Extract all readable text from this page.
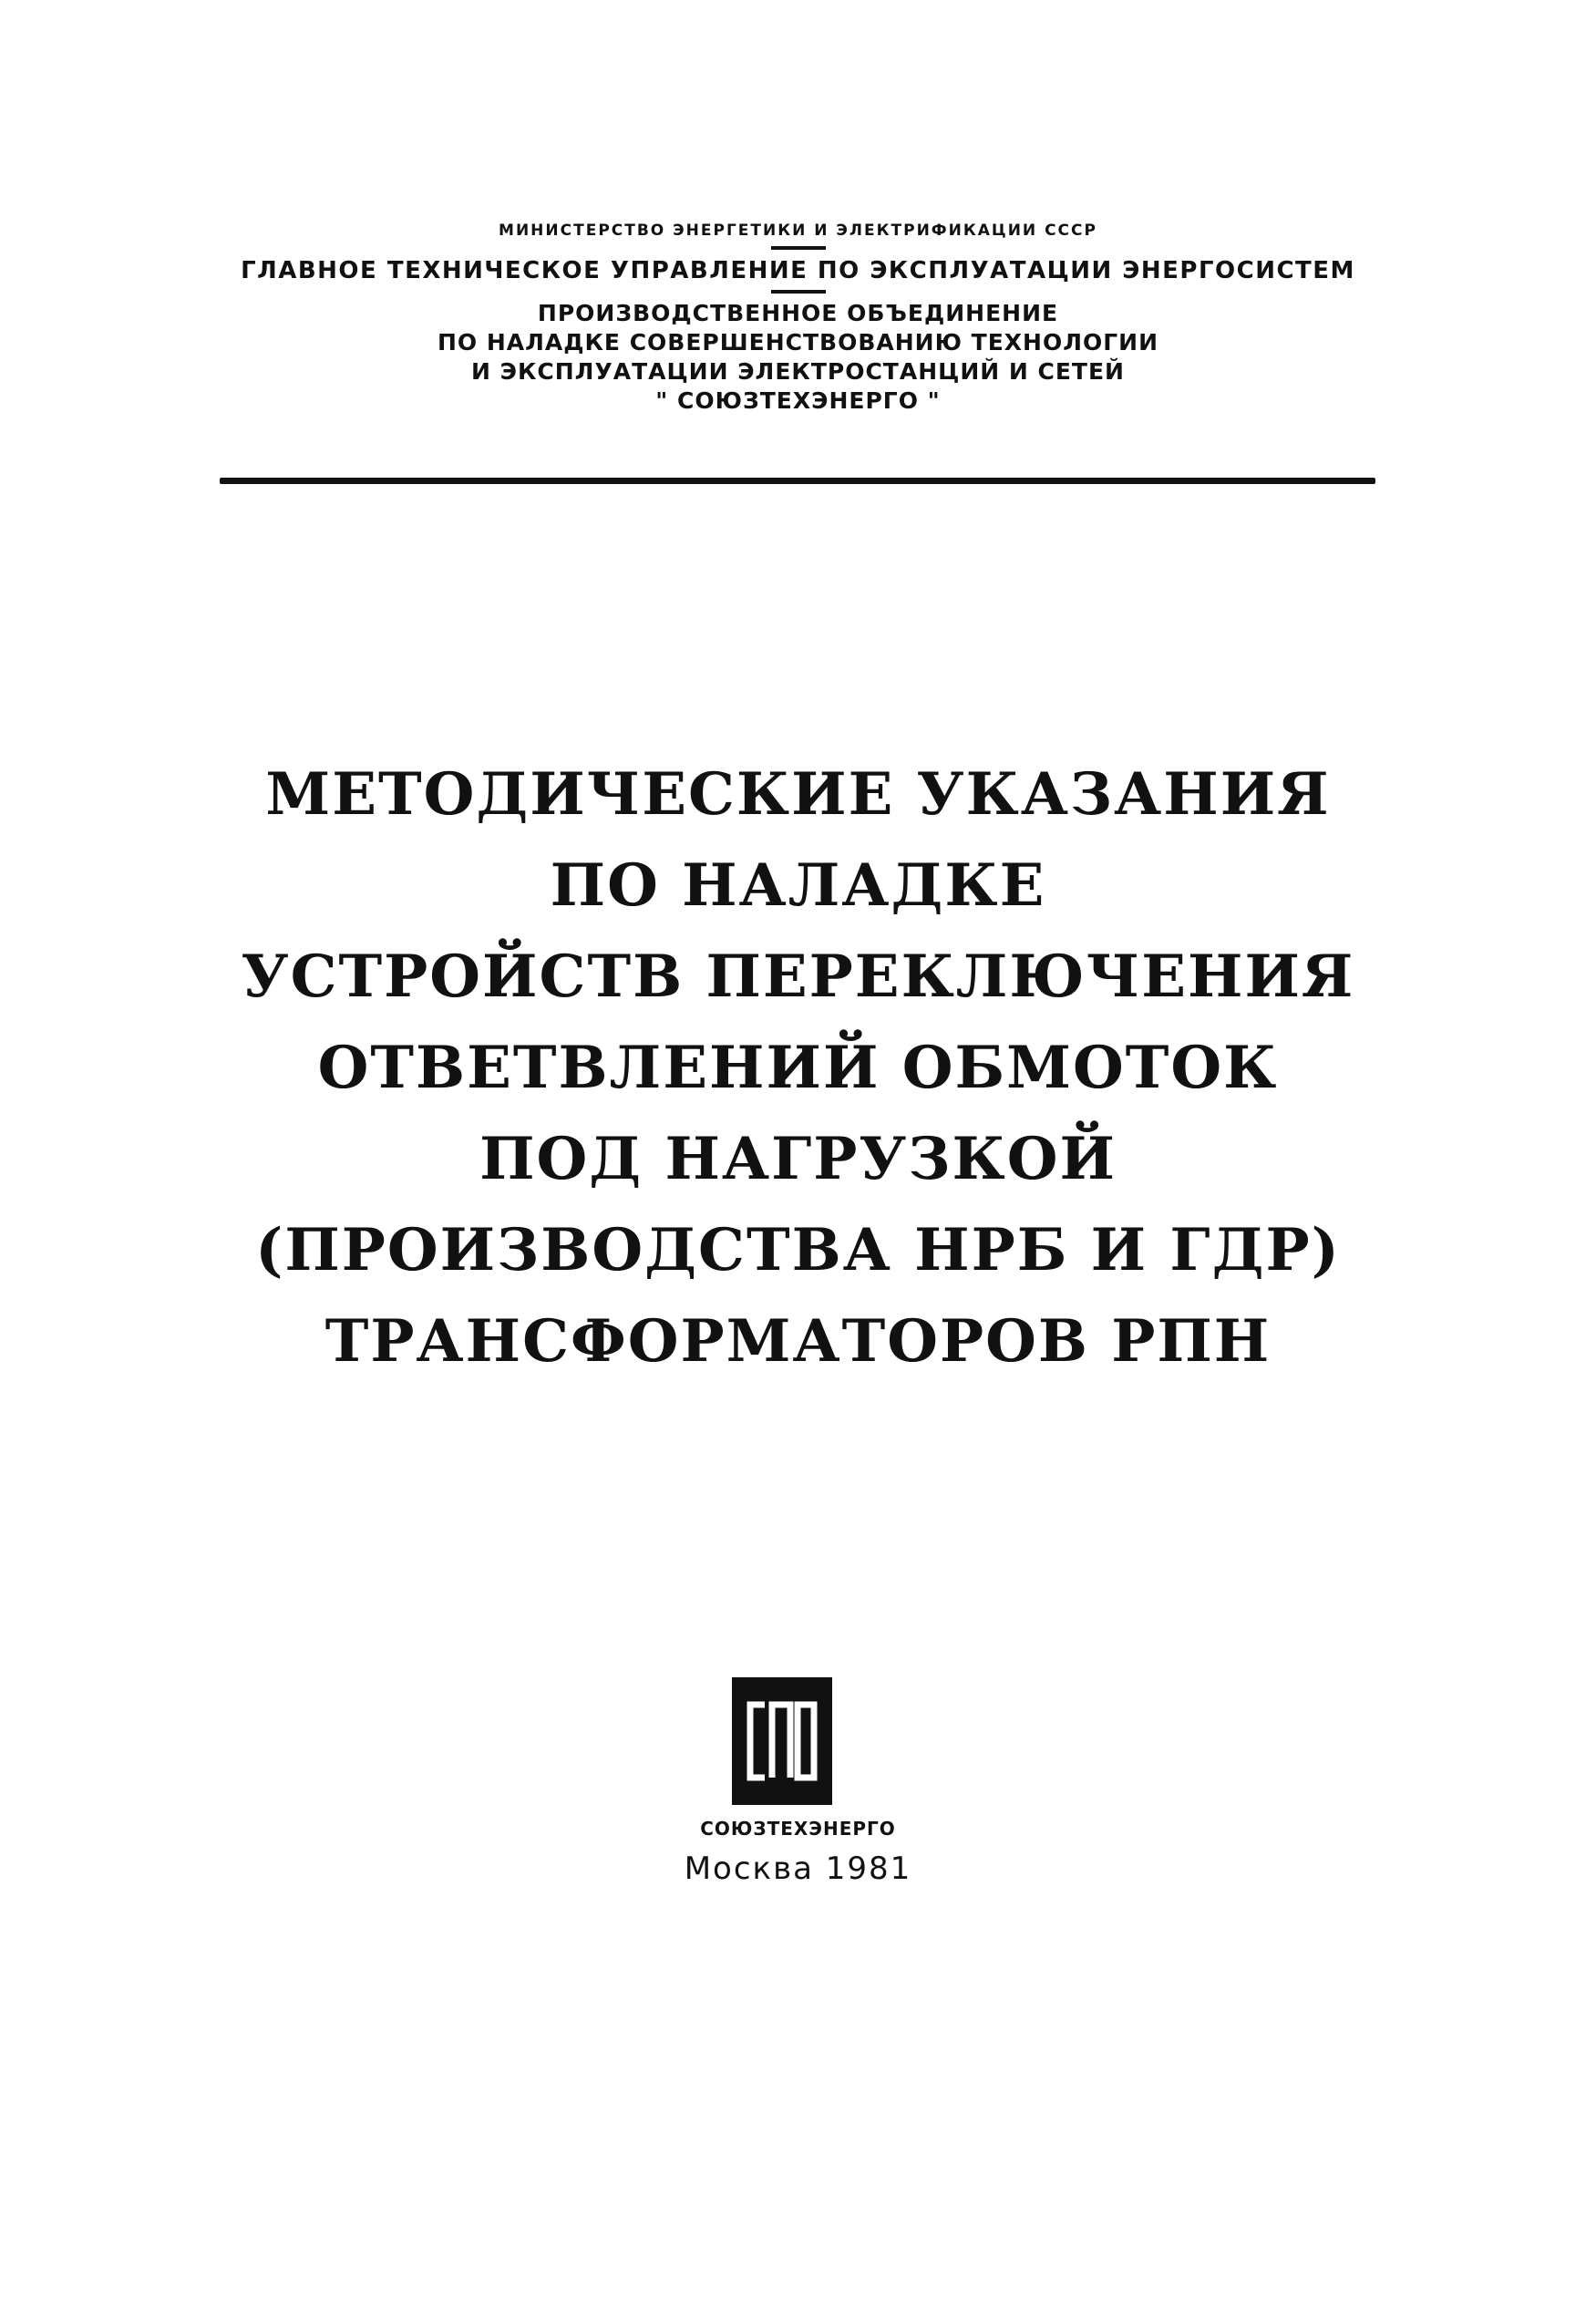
МИНИСТЕРСТВО ЭНЕРГЕТИКИ И ЭЛЕКТРИФИКАЦИИ СССР

ГЛАВНОЕ ТЕХНИЧЕСКОЕ УПРАВЛЕНИЕ ПО ЭКСПЛУАТАЦИИ ЭНЕРГОСИСТЕМ

ПРОИЗВОДСТВЕННОЕ ОБЪЕДИНЕНИЕ

ПО НАЛАДКЕ СОВЕРШЕНСТВОВАНИЮ ТЕХНОЛОГИИ

И ЭКСПЛУАТАЦИИ ЭЛЕКТРОСТАНЦИЙ И СЕТЕЙ

" СОЮЗТЕХЭНЕРГО "

МЕТОДИЧЕСКИЕ УКАЗАНИЯ

ПО НАЛАДКЕ

УСТРОЙСТВ ПЕРЕКЛЮЧЕНИЯ

ОТВЕТВЛЕНИЙ ОБМОТОК

ПОД НАГРУЗКОЙ

(ПРОИЗВОДСТВА НРБ И ГДР)

ТРАНСФОРМАТОРОВ РПН

СОЮЗТЕХЭНЕРГО
Москва 1981
